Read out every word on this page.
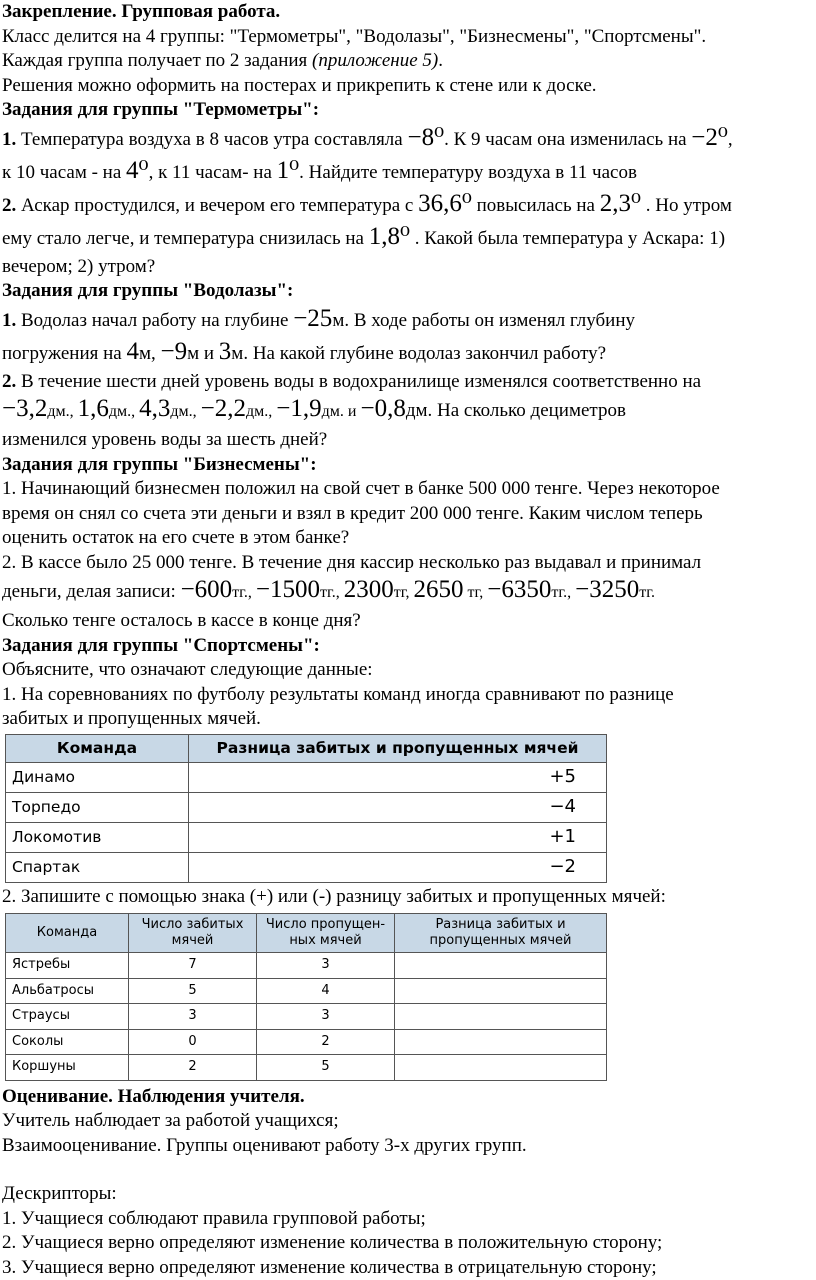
Закрепление. Групповая работа.
Класс делится на 4 группы: "Термометры", "Водолазы", "Бизнесмены", "Спортсмены".
Каждая группа получает по 2 задания (приложение 5).
Решения можно оформить на постерах и прикрепить к стене или к доске.
Задания для группы "Термометры":
1. Температура воздуха в 8 часов утра составляла −8⁰. К 9 часам она изменилась на −2⁰,
к 10 часам - на 4⁰, к 11 часам- на 1⁰. Найдите температуру воздуха в 11 часов
2. Аскар простудился, и вечером его температура с 36,6⁰ повысилась на 2,3⁰ . Но утром
ему стало легче, и температура снизилась на 1,8⁰ . Какой была температура у Аскара: 1)
вечером; 2) утром?
Задания для группы "Водолазы":
1. Водолаз начал работу на глубине −25м. В ходе работы он изменял глубину
погружения на 4м, −9м и 3м. На какой глубине водолаз закончил работу?
2. В течение шести дней уровень воды в водохранилище изменялся соответственно на
−3,2дм., 1,6дм., 4,3дм., −2,2дм., −1,9дм. и −0,8дм. На сколько дециметров
изменился уровень воды за шесть дней?
Задания для группы "Бизнесмены":
1. Начинающий бизнесмен положил на свой счет в банке 500 000 тенге. Через некоторое
время он снял со счета эти деньги и взял в кредит 200 000 тенге. Каким числом теперь
оценить остаток на его счете в этом банке?
2. В кассе было 25 000 тенге. В течение дня кассир несколько раз выдавал и принимал
деньги, делая записи: −600тг., −1500тг., 2300тг, 2650 тг, −6350тг., −3250тг.
Сколько тенге осталось в кассе в конце дня?
Задания для группы "Спортсмены":
Объясните, что означают следующие данные:
1. На соревнованиях по футболу результаты команд иногда сравнивают по разнице
забитых и пропущенных мячей.
Команда	Разница забитых и пропущенных мячей
Динамо	+5
Торпедо	−4
Локомотив	+1
Спартак	−2
2. Запишите с помощью знака (+) или (-) разницу забитых и пропущенных мячей:
Команда	Число забитых мячей	Число пропущен- ных мячей	Разница забитых и пропущенных мячей
Ястребы	7	3	
Альбатросы	5	4	
Страусы	3	3	
Соколы	0	2	
Коршуны	2	5	
Оценивание. Наблюдения учителя.
Учитель наблюдает за работой учащихся;
Взаимооценивание. Группы оценивают работу 3-х других групп.
Дескрипторы:
1. Учащиеся соблюдают правила групповой работы;
2. Учащиеся верно определяют изменение количества в положительную сторону;
3. Учащиеся верно определяют изменение количества в отрицательную сторону;
